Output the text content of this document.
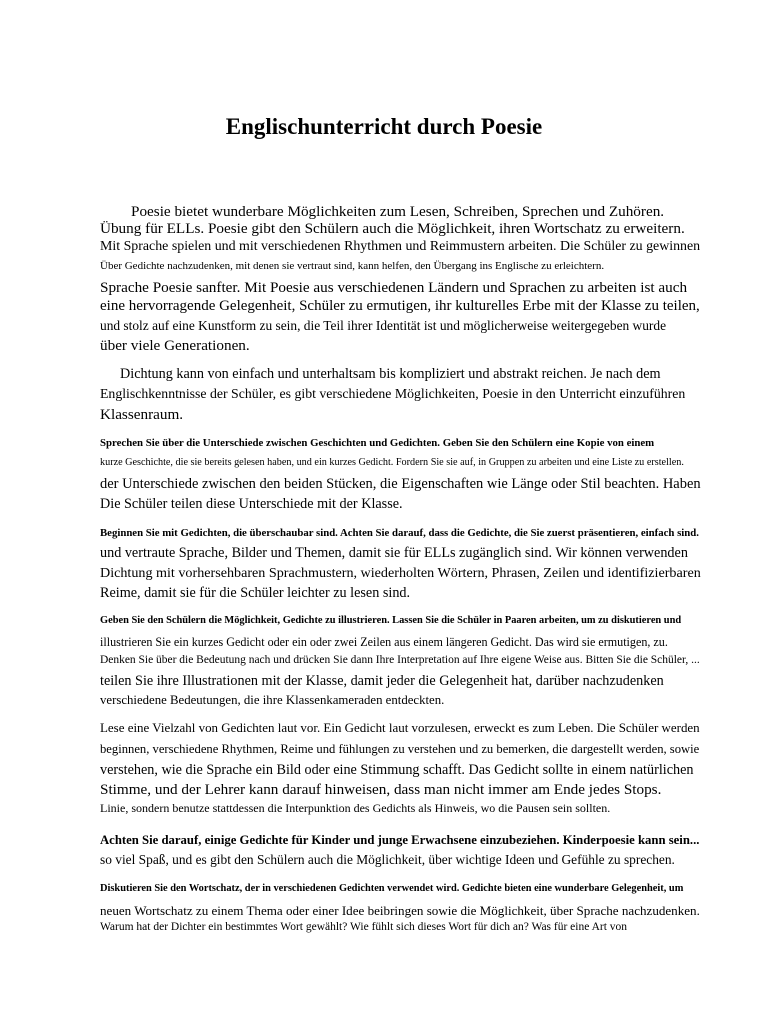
Englischunterricht durch Poesie
Poesie bietet wunderbare Möglichkeiten zum Lesen, Schreiben, Sprechen und Zuhören.
Übung für ELLs. Poesie gibt den Schülern auch die Möglichkeit, ihren Wortschatz zu erweitern.
Mit Sprache spielen und mit verschiedenen Rhythmen und Reimmustern arbeiten. Die Schüler zu gewinnen
Über Gedichte nachzudenken, mit denen sie vertraut sind, kann helfen, den Übergang ins Englische zu erleichtern.
Sprache Poesie sanfter. Mit Poesie aus verschiedenen Ländern und Sprachen zu arbeiten ist auch
eine hervorragende Gelegenheit, Schüler zu ermutigen, ihr kulturelles Erbe mit der Klasse zu teilen,
und stolz auf eine Kunstform zu sein, die Teil ihrer Identität ist und möglicherweise weitergegeben wurde
über viele Generationen.
Dichtung kann von einfach und unterhaltsam bis kompliziert und abstrakt reichen. Je nach dem
Englischkenntnisse der Schüler, es gibt verschiedene Möglichkeiten, Poesie in den Unterricht einzuführen
Klassenraum.
Sprechen Sie über die Unterschiede zwischen Geschichten und Gedichten. Geben Sie den Schülern eine Kopie von einem
kurze Geschichte, die sie bereits gelesen haben, und ein kurzes Gedicht. Fordern Sie sie auf, in Gruppen zu arbeiten und eine Liste zu erstellen.
der Unterschiede zwischen den beiden Stücken, die Eigenschaften wie Länge oder Stil beachten. Haben
Die Schüler teilen diese Unterschiede mit der Klasse.
Beginnen Sie mit Gedichten, die überschaubar sind. Achten Sie darauf, dass die Gedichte, die Sie zuerst präsentieren, einfach sind.
und vertraute Sprache, Bilder und Themen, damit sie für ELLs zugänglich sind. Wir können verwenden
Dichtung mit vorhersehbaren Sprachmustern, wiederholten Wörtern, Phrasen, Zeilen und identifizierbaren
Reime, damit sie für die Schüler leichter zu lesen sind.
Geben Sie den Schülern die Möglichkeit, Gedichte zu illustrieren. Lassen Sie die Schüler in Paaren arbeiten, um zu diskutieren und
illustrieren Sie ein kurzes Gedicht oder ein oder zwei Zeilen aus einem längeren Gedicht. Das wird sie ermutigen, zu.
Denken Sie über die Bedeutung nach und drücken Sie dann Ihre Interpretation auf Ihre eigene Weise aus. Bitten Sie die Schüler, ...
teilen Sie ihre Illustrationen mit der Klasse, damit jeder die Gelegenheit hat, darüber nachzudenken
verschiedene Bedeutungen, die ihre Klassenkameraden entdeckten.
Lese eine Vielzahl von Gedichten laut vor. Ein Gedicht laut vorzulesen, erweckt es zum Leben. Die Schüler werden
beginnen, verschiedene Rhythmen, Reime und fühlungen zu verstehen und zu bemerken, die dargestellt werden, sowie
verstehen, wie die Sprache ein Bild oder eine Stimmung schafft. Das Gedicht sollte in einem natürlichen
Stimme, und der Lehrer kann darauf hinweisen, dass man nicht immer am Ende jedes Stops.
Linie, sondern benutze stattdessen die Interpunktion des Gedichts als Hinweis, wo die Pausen sein sollten.
Achten Sie darauf, einige Gedichte für Kinder und junge Erwachsene einzubeziehen. Kinderpoesie kann sein...
so viel Spaß, und es gibt den Schülern auch die Möglichkeit, über wichtige Ideen und Gefühle zu sprechen.
Diskutieren Sie den Wortschatz, der in verschiedenen Gedichten verwendet wird. Gedichte bieten eine wunderbare Gelegenheit, um
neuen Wortschatz zu einem Thema oder einer Idee beibringen sowie die Möglichkeit, über Sprache nachzudenken.
Warum hat der Dichter ein bestimmtes Wort gewählt? Wie fühlt sich dieses Wort für dich an? Was für eine Art von
